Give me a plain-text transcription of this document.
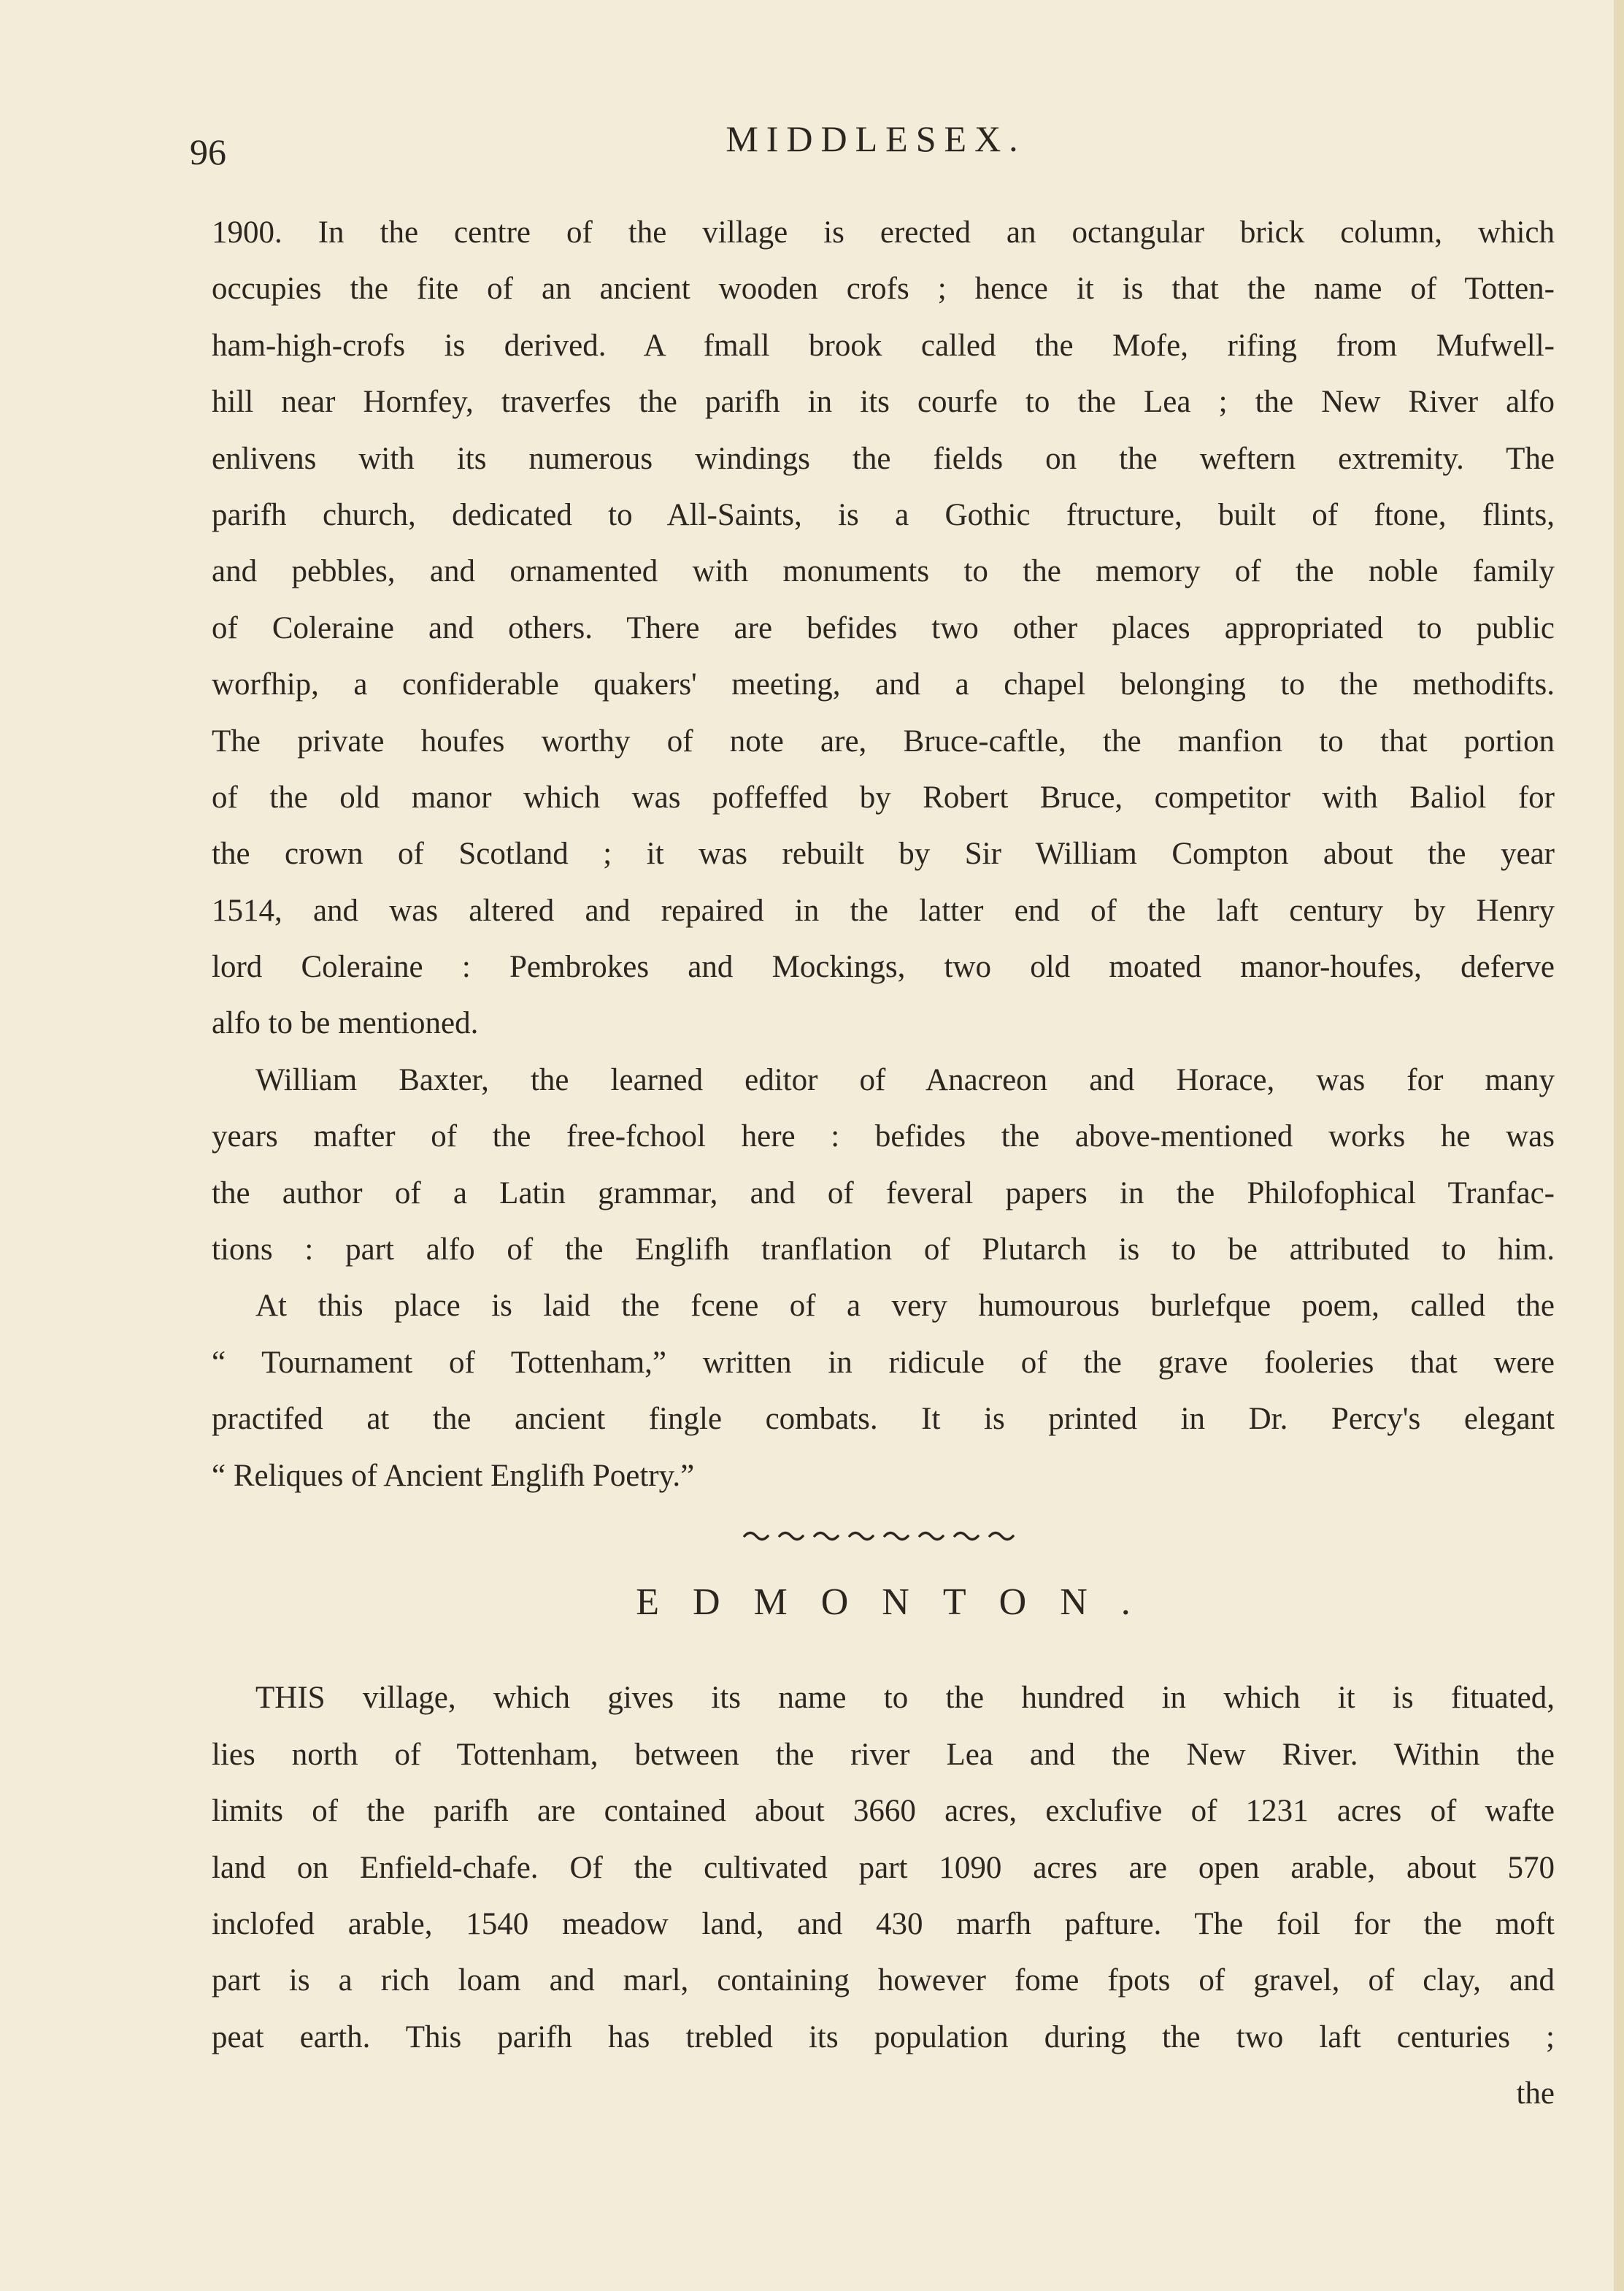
96	MIDDLESEX.
1900. In the centre of the village is erected an octangular brick column, which
occupies the fite of an ancient wooden crofs ; hence it is that the name of Totten-
ham-high-crofs is derived. A fmall brook called the Mofe, rifing from Mufwell-
hill near Hornfey, traverfes the parifh in its courfe to the Lea ; the New River alfo
enlivens with its numerous windings the fields on the weftern extremity. The
parifh church, dedicated to All-Saints, is a Gothic ftructure, built of ftone, flints,
and pebbles, and ornamented with monuments to the memory of the noble family
of Coleraine and others. There are befides two other places appropriated to public
worfhip, a confiderable quakers' meeting, and a chapel belonging to the methodifts.
The private houfes worthy of note are, Bruce-caftle, the manfion to that portion
of the old manor which was poffeffed by Robert Bruce, competitor with Baliol for
the crown of Scotland ; it was rebuilt by Sir William Compton about the year
1514, and was altered and repaired in the latter end of the laft century by Henry
lord Coleraine : Pembrokes and Mockings, two old moated manor-houfes, deferve
alfo to be mentioned.
William Baxter, the learned editor of Anacreon and Horace, was for many
years mafter of the free-fchool here : befides the above-mentioned works he was
the author of a Latin grammar, and of feveral papers in the Philofophical Tranfac-
tions : part alfo of the Englifh tranflation of Plutarch is to be attributed to him.
At this place is laid the fcene of a very humourous burlefque poem, called the
“ Tournament of Tottenham,” written in ridicule of the grave fooleries that were
practifed at the ancient fingle combats. It is printed in Dr. Percy's elegant
“ Reliques of Ancient Englifh Poetry.”
EDMONTON.
THIS village, which gives its name to the hundred in which it is fituated,
lies north of Tottenham, between the river Lea and the New River. Within the
limits of the parifh are contained about 3660 acres, exclufive of 1231 acres of wafte
land on Enfield-chafe. Of the cultivated part 1090 acres are open arable, about 570
inclofed arable, 1540 meadow land, and 430 marfh pafture. The foil for the moft
part is a rich loam and marl, containing however fome fpots of gravel, of clay, and
peat earth. This parifh has trebled its population during the two laft centuries ;
the
